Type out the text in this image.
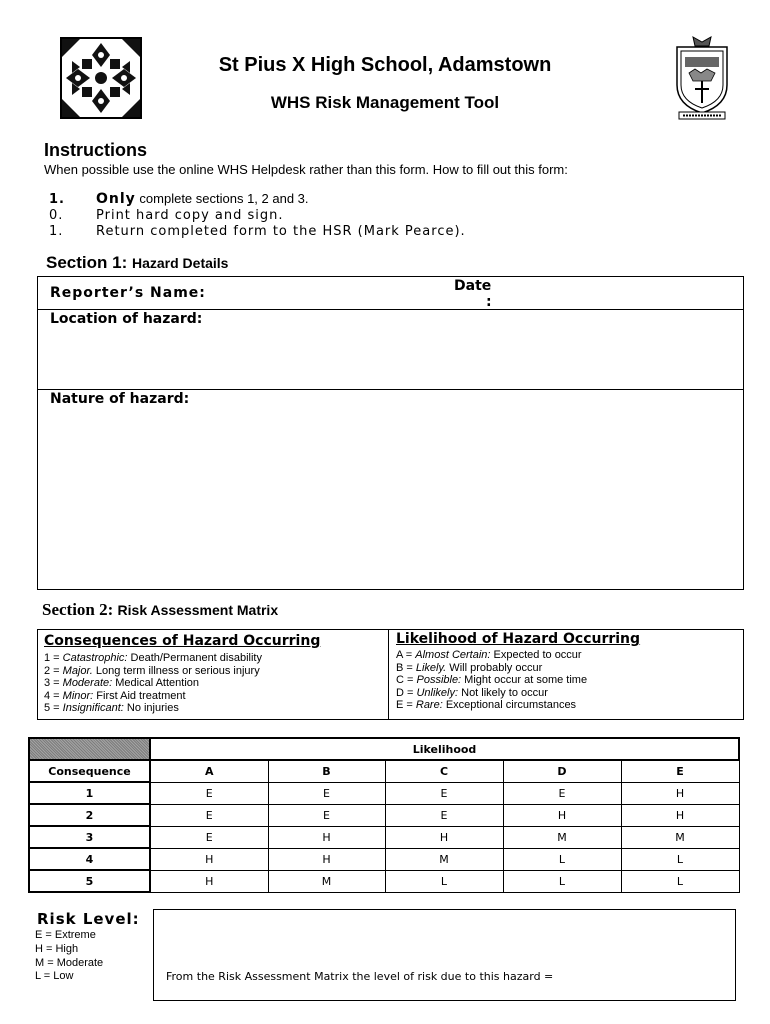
St Pius X High School, Adamstown
WHS Risk Management Tool
Instructions
When possible use the online WHS Helpdesk rather than this form. How to fill out this form:
1. Only complete sections 1, 2 and 3.
0.	Print hard copy and sign.
1.	Return completed form to the HSR (Mark Pearce).
Section 1: Hazard Details
Reporter’s Name:	Date
:
Location of hazard:
Nature of hazard:
Section 2: Risk Assessment Matrix
Consequences of Hazard Occurring
1 = Catastrophic: Death/Permanent disability
2 = Major. Long term illness or serious injury
3 = Moderate: Medical Attention
4 = Minor: First Aid treatment
5 = Insignificant: No injuries
Likelihood of Hazard Occurring
A = Almost Certain: Expected to occur
B = Likely. Will probably occur
C = Possible: Might occur at some time
D = Unlikely: Not likely to occur
E = Rare: Exceptional circumstances
	Likelihood				
Consequence	A	B	C	D	E
1	E	E	E	E	H
2	E	E	E	H	H
3	E	H	H	M	M
4	H	H	M	L	L
5	H	M	L	L	L
Risk Level:
E = Extreme
H = High
M = Moderate
L = Low	From the Risk Assessment Matrix the level of risk due to this hazard =
